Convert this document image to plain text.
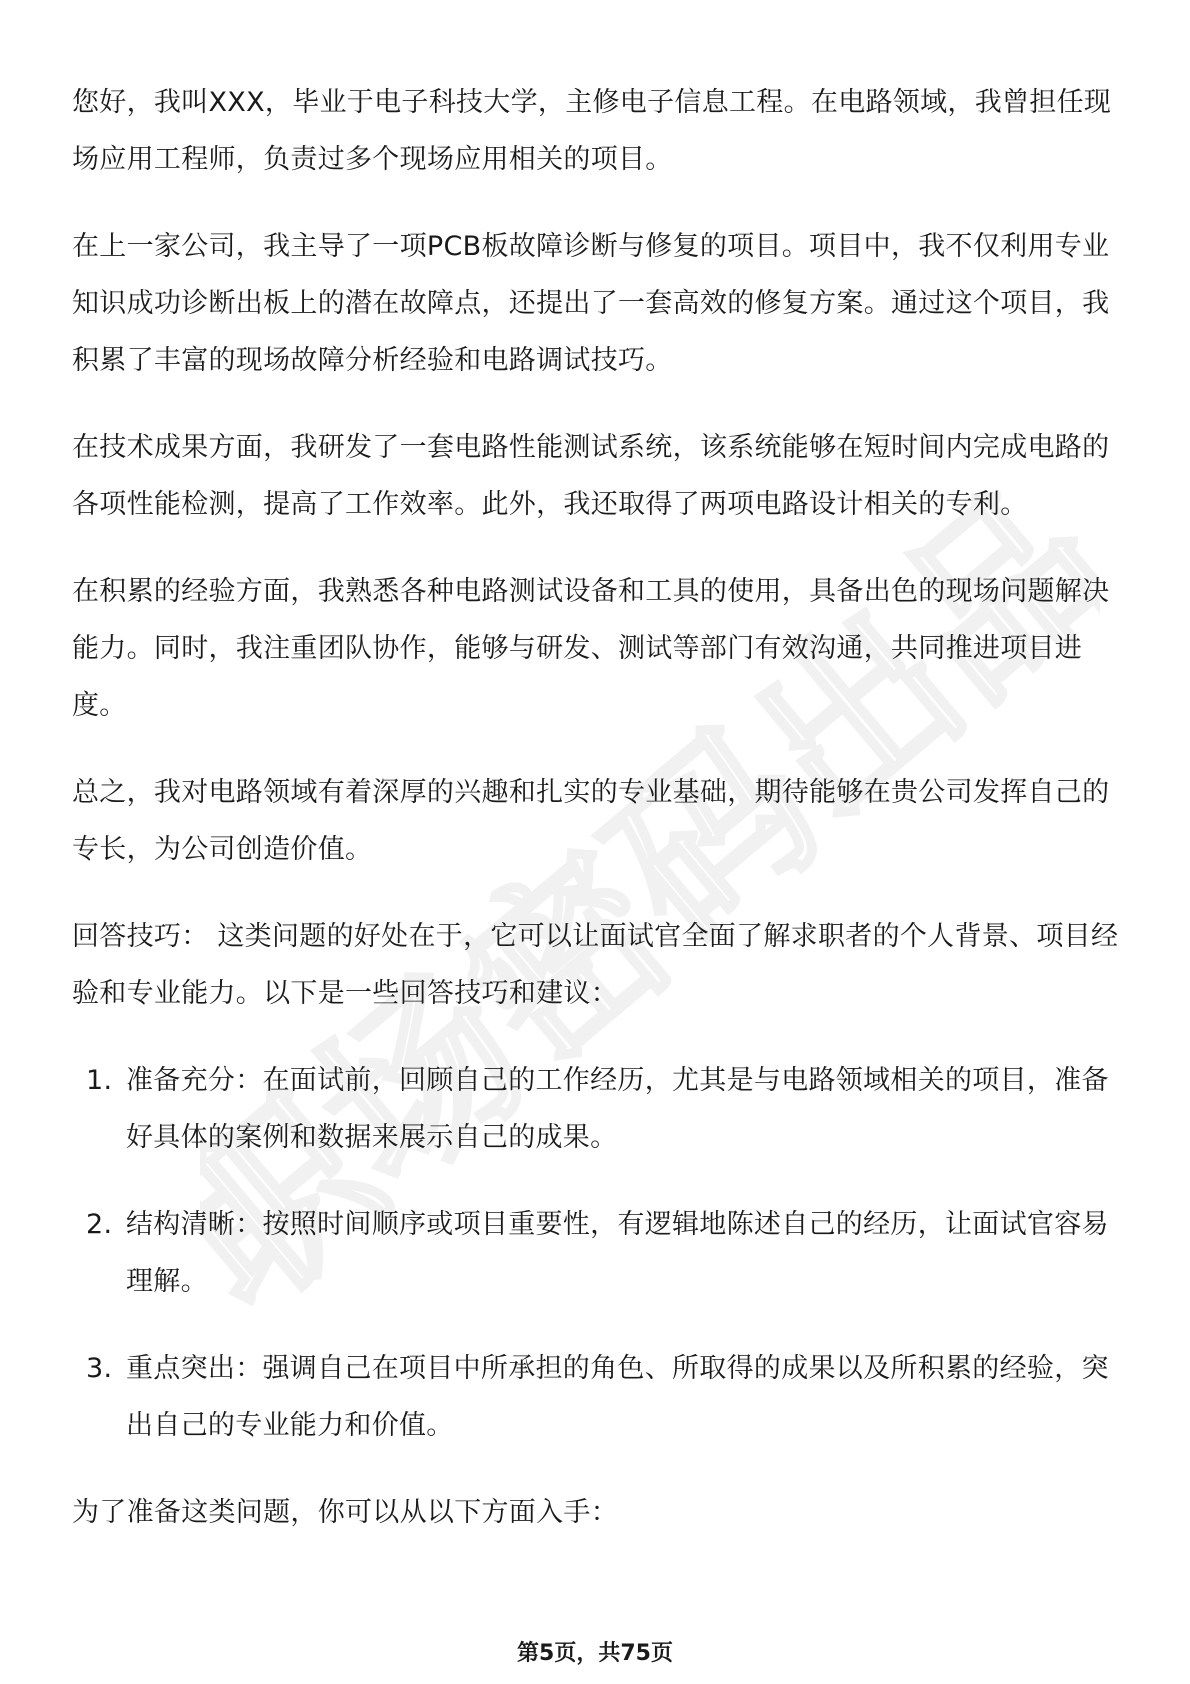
职场密码出品

您好，我叫XXX，毕业于电子科技大学，主修电子信息工程。在电路领域，我曾担任现场应用工程师，负责过多个现场应用相关的项目。

在上一家公司，我主导了一项PCB板故障诊断与修复的项目。项目中，我不仅利用专业知识成功诊断出板上的潜在故障点，还提出了一套高效的修复方案。通过这个项目，我积累了丰富的现场故障分析经验和电路调试技巧。

在技术成果方面，我研发了一套电路性能测试系统，该系统能够在短时间内完成电路的各项性能检测，提高了工作效率。此外，我还取得了两项电路设计相关的专利。

在积累的经验方面，我熟悉各种电路测试设备和工具的使用，具备出色的现场问题解决能力。同时，我注重团队协作，能够与研发、测试等部门有效沟通，共同推进项目进度。

总之，我对电路领域有着深厚的兴趣和扎实的专业基础，期待能够在贵公司发挥自己的专长，为公司创造价值。

回答技巧： 这类问题的好处在于，它可以让面试官全面了解求职者的个人背景、项目经验和专业能力。以下是一些回答技巧和建议：

1. 准备充分：在面试前，回顾自己的工作经历，尤其是与电路领域相关的项目，准备好具体的案例和数据来展示自己的成果。
2. 结构清晰：按照时间顺序或项目重要性，有逻辑地陈述自己的经历，让面试官容易理解。
3. 重点突出：强调自己在项目中所承担的角色、所取得的成果以及所积累的经验，突出自己的专业能力和价值。

为了准备这类问题，你可以从以下方面入手：

第5页，共75页
